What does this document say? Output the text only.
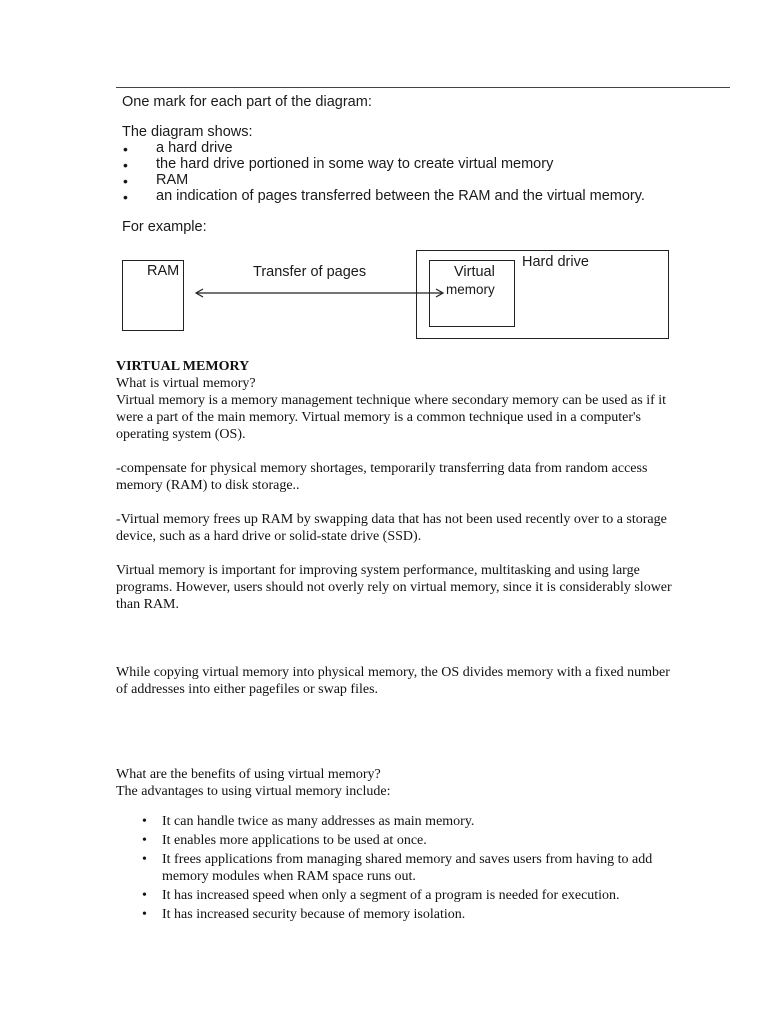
One mark for each part of the diagram:
The diagram shows:
• a hard drive
• the hard drive portioned in some way to create virtual memory
• RAM
• an indication of pages transferred between the RAM and the virtual memory.
For example:
RAM	Transfer of pages	Virtual
memory
Hard drive

VIRTUAL MEMORY

What is virtual memory?

Virtual memory is a memory management technique where secondary memory can be used as if it were a part of the main memory. Virtual memory is a common technique used in a computer's operating system (OS).

-compensate for physical memory shortages, temporarily transferring data from random access memory (RAM) to disk storage..

-Virtual memory frees up RAM by swapping data that has not been used recently over to a storage device, such as a hard drive or solid-state drive (SSD).

Virtual memory is important for improving system performance, multitasking and using large programs. However, users should not overly rely on virtual memory, since it is considerably slower than RAM.

While copying virtual memory into physical memory, the OS divides memory with a fixed number of addresses into either pagefiles or swap files.

What are the benefits of using virtual memory?

The advantages to using virtual memory include:

• It can handle twice as many addresses as main memory.
• It enables more applications to be used at once.
• It frees applications from managing shared memory and saves users from having to add memory modules when RAM space runs out.
• It has increased speed when only a segment of a program is needed for execution.
• It has increased security because of memory isolation.
